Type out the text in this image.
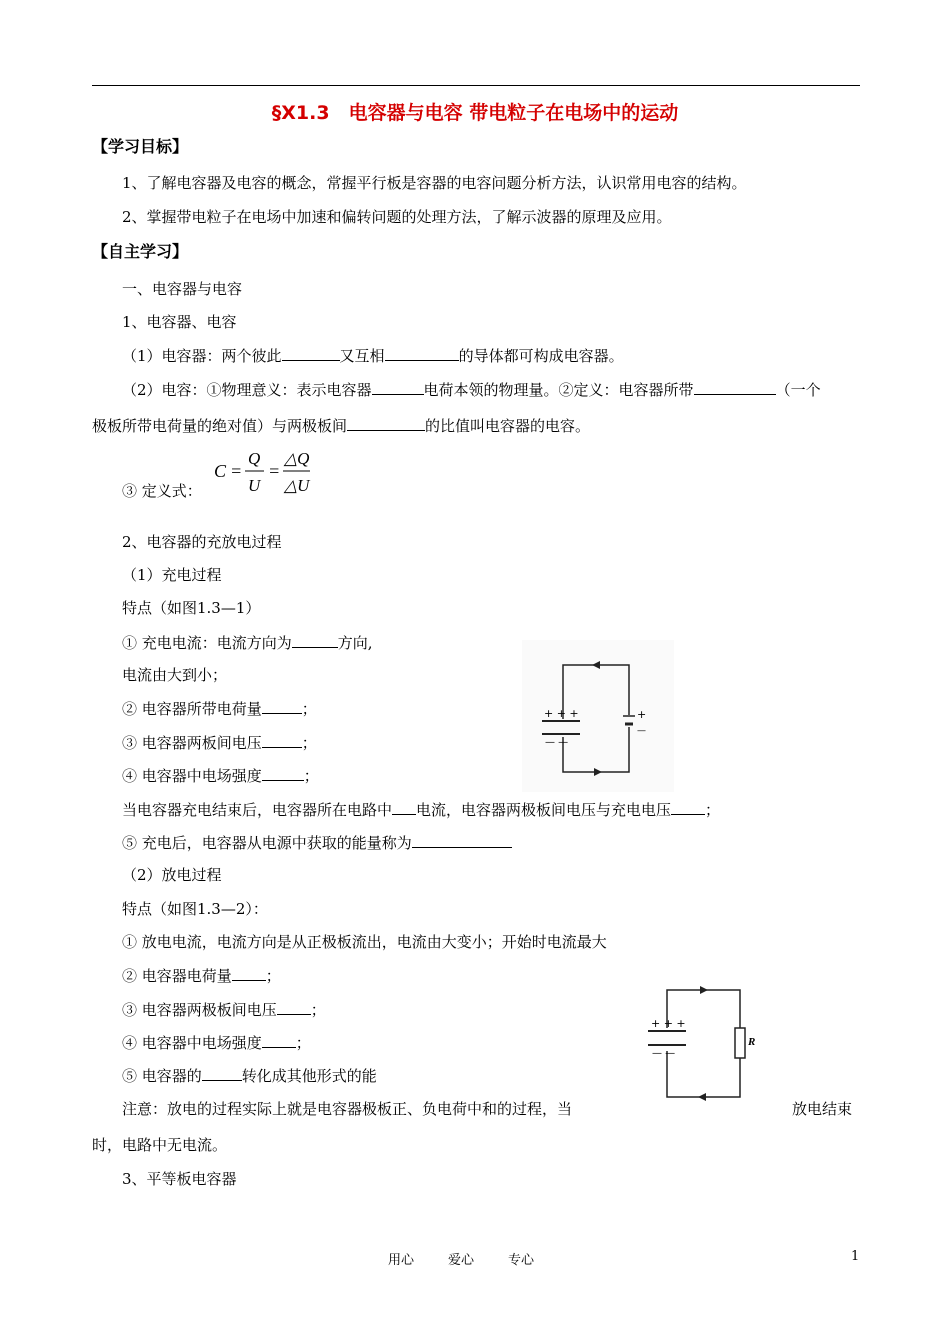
§X1.3　电容器与电容 带电粒子在电场中的运动
【学习目标】
1、了解电容器及电容的概念，常握平行板是容器的电容问题分析方法，认识常用电容的结构。
2、掌握带电粒子在电场中加速和偏转问题的处理方法，了解示波器的原理及应用。
【自主学习】
一、电容器与电容
1、电容器、电容
（1）电容器：两个彼此	又互相	的导体都可构成电容器。
（2）电容：①物理意义：表示电容器	电荷本领的物理量。②定义：电容器所带	（一个
极板所带电荷量的绝对值）与两极板间	的比值叫电容器的电容。
③ 定义式：
C =
Q
U
=
△Q
△U
2、电容器的充放电过程
（1）充电过程
特点（如图1.3—1）
① 充电电流：电流方向为	方向,
电流由大到小；
② 电容器所带电荷量	；
③ 电容器两板间电压	；
④ 电容器中电场强度	；
当电容器充电结束后，电容器所在电路中 电流，电容器两极板间电压与充电电压 ；
⑤ 充电后，电容器从电源中获取的能量称为
（2）放电过程
特点（如图1.3—2）：
① 放电电流，电流方向是从正极板流出，电流由大变小；开始时电流最大
② 电容器电荷量 ；
③ 电容器两极板间电压 ；
④ 电容器中电场强度 ；
⑤ 电容器的	转化成其他形式的能
注意：放电的过程实际上就是电容器极板正、负电荷中和的过程，当	放电结束
时，电路中无电流。
3、平等板电容器
+ + +
— —
+
—
+ + +
— —
R
用心	爱心	专心	1
